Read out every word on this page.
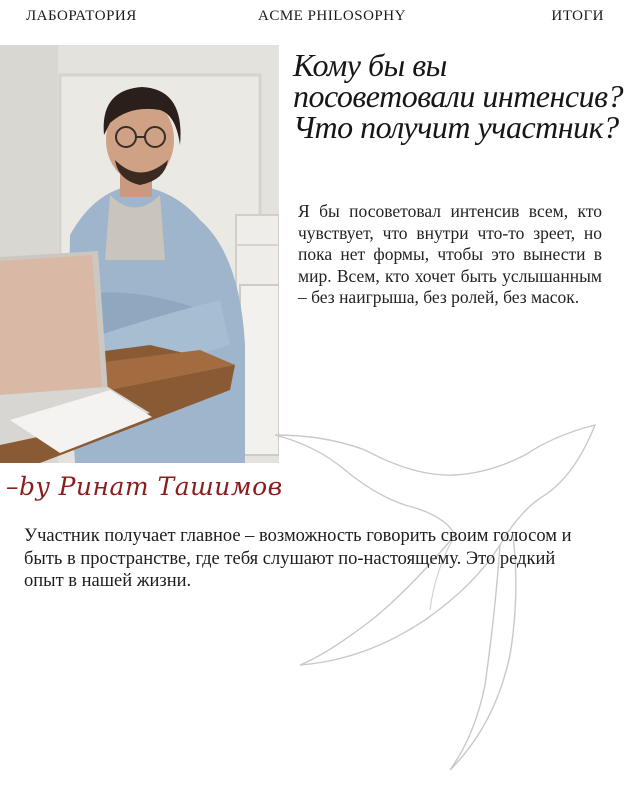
ЛАБОРАТОРИЯ	ACME PHILOSOPHY	ИТОГИ
Кому бы вы посоветовали интенсив? Что получит участник?
Я бы посоветовал интенсив всем, кто чувствует, что внутри что-то зреет, но пока нет формы, чтобы это вынести в мир. Всем, кто хочет быть услышанным – без наигрыша, без ролей, без масок.
–by Ринат Ташимов
Участник получает главное – возможность говорить своим голосом и быть в пространстве, где тебя слушают по-настоящему. Это редкий опыт в нашей жизни.
